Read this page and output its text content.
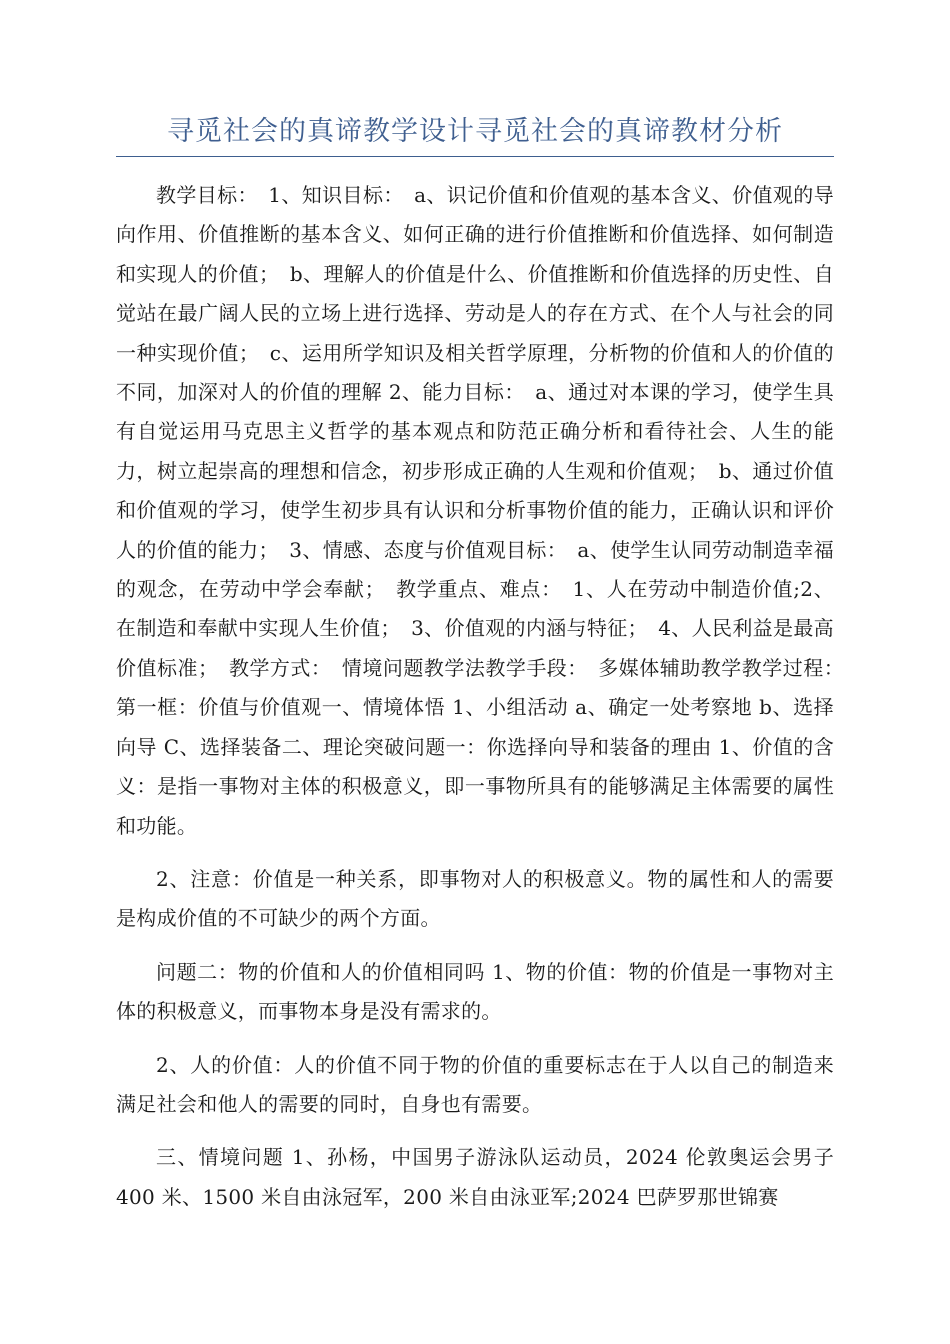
寻觅社会的真谛教学设计寻觅社会的真谛教材分析

教学目标：　1、知识目标：　a、识记价值和价值观的基本含义、价值观的导向作用、价值推断的基本含义、如何正确的进行价值推断和价值选择、如何制造和实现人的价值；　b、理解人的价值是什么、价值推断和价值选择的历史性、自觉站在最广阔人民的立场上进行选择、劳动是人的存在方式、在个人与社会的同一种实现价值；　c、运用所学知识及相关哲学原理，分析物的价值和人的价值的不同，加深对人的价值的理解 2、能力目标：　a、通过对本课的学习，使学生具有自觉运用马克思主义哲学的基本观点和防范正确分析和看待社会、人生的能力，树立起崇高的理想和信念，初步形成正确的人生观和价值观；　b、通过价值和价值观的学习，使学生初步具有认识和分析事物价值的能力，正确认识和评价人的价值的能力；　3、情感、态度与价值观目标：　a、使学生认同劳动制造幸福的观念，在劳动中学会奉献；　教学重点、难点：　1、人在劳动中制造价值;2、在制造和奉献中实现人生价值；　3、价值观的内涵与特征；　4、人民利益是最高价值标准；　教学方式：　情境问题教学法教学手段：　多媒体辅助教学教学过程：　第一框：价值与价值观一、情境体悟 1、小组活动 a、确定一处考察地 b、选择向导 C、选择装备二、理论突破问题一：你选择向导和装备的理由 1、价值的含义：是指一事物对主体的积极意义，即一事物所具有的能够满足主体需要的属性和功能。

2、注意：价值是一种关系，即事物对人的积极意义。物的属性和人的需要是构成价值的不可缺少的两个方面。

问题二：物的价值和人的价值相同吗 1、物的价值：物的价值是一事物对主体的积极意义，而事物本身是没有需求的。

2、人的价值：人的价值不同于物的价值的重要标志在于人以自己的制造来满足社会和他人的需要的同时，自身也有需要。

三、情境问题 1、孙杨，中国男子游泳队运动员，2024 伦敦奥运会男子 400 米、1500 米自由泳冠军，200 米自由泳亚军;2024 巴萨罗那世锦赛
